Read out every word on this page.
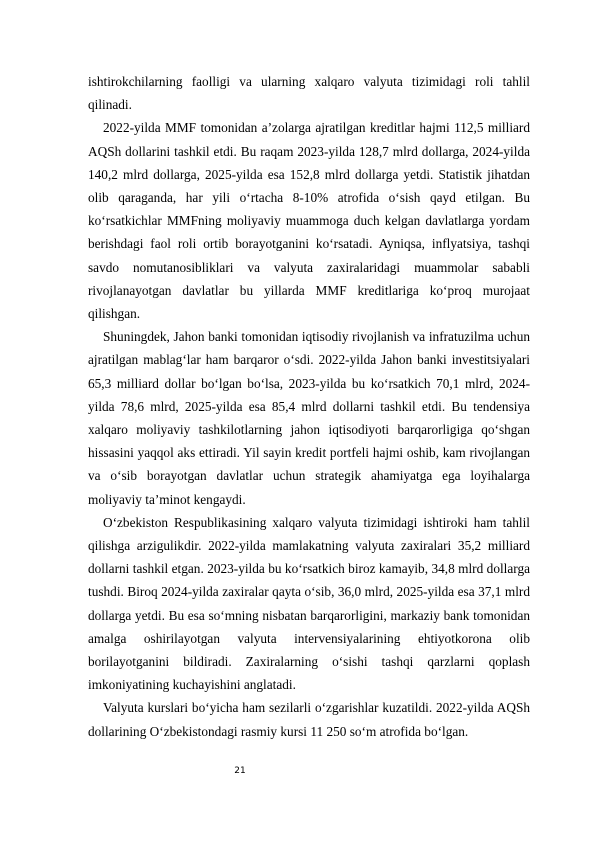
ishtirokchilarning faolligi va ularning xalqaro valyuta tizimidagi roli tahlil qilinadi.

2022-yilda MMF tomonidan a’zolarga ajratilgan kreditlar hajmi 112,5 milliard AQSh dollarini tashkil etdi. Bu raqam 2023-yilda 128,7 mlrd dollarga, 2024-yilda 140,2 mlrd dollarga, 2025-yilda esa 152,8 mlrd dollarga yetdi. Statistik jihatdan olib qaraganda, har yili o‘rtacha 8-10% atrofida o‘sish qayd etilgan. Bu ko‘rsatkichlar MMFning moliyaviy muammoga duch kelgan davlatlarga yordam berishdagi faol roli ortib borayotganini ko‘rsatadi. Ayniqsa, inflyatsiya, tashqi savdo nomutanosibliklari va valyuta zaxiralaridagi muammolar sababli rivojlanayotgan davlatlar bu yillarda MMF kreditlariga ko‘proq murojaat qilishgan.

Shuningdek, Jahon banki tomonidan iqtisodiy rivojlanish va infratuzilma uchun ajratilgan mablag‘lar ham barqaror o‘sdi. 2022-yilda Jahon banki investitsiyalari 65,3 milliard dollar bo‘lgan bo‘lsa, 2023-yilda bu ko‘rsatkich 70,1 mlrd, 2024-yilda 78,6 mlrd, 2025-yilda esa 85,4 mlrd dollarni tashkil etdi. Bu tendensiya xalqaro moliyaviy tashkilotlarning jahon iqtisodiyoti barqarorligiga qo‘shgan hissasini yaqqol aks ettiradi. Yil sayin kredit portfeli hajmi oshib, kam rivojlangan va o‘sib borayotgan davlatlar uchun strategik ahamiyatga ega loyihalarga moliyaviy ta’minot kengaydi.

O‘zbekiston Respublikasining xalqaro valyuta tizimidagi ishtiroki ham tahlil qilishga arzigulikdir. 2022-yilda mamlakatning valyuta zaxiralari 35,2 milliard dollarni tashkil etgan. 2023-yilda bu ko‘rsatkich biroz kamayib, 34,8 mlrd dollarga tushdi. Biroq 2024-yilda zaxiralar qayta o‘sib, 36,0 mlrd, 2025-yilda esa 37,1 mlrd dollarga yetdi. Bu esa so‘mning nisbatan barqarorligini, markaziy bank tomonidan amalga oshirilayotgan valyuta intervensiyalarining ehtiyotkorona olib borilayotganini bildiradi. Zaxiralarning o‘sishi tashqi qarzlarni qoplash imkoniyatining kuchayishini anglatadi.

Valyuta kurslari bo‘yicha ham sezilarli o‘zgarishlar kuzatildi. 2022-yilda AQSh dollarining O‘zbekistondagi rasmiy kursi 11 250 so‘m atrofida bo‘lgan.

21
